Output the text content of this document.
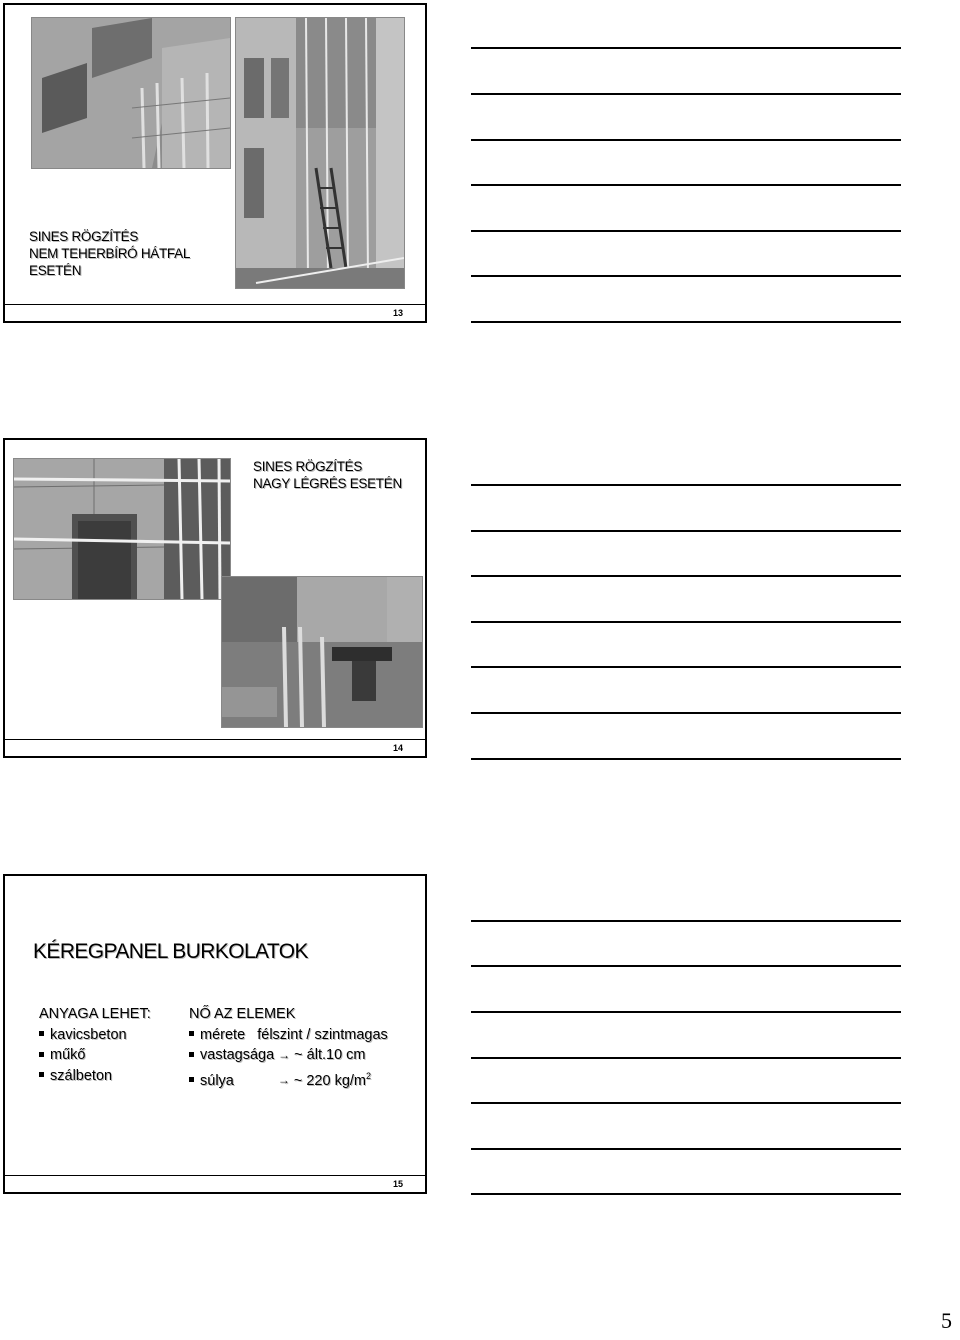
SINES RÖGZÍTÉS
NEM TEHERBÍRÓ HÁTFAL
ESETÉN
13
SINES RÖGZÍTÉS
NAGY LÉGRÉS ESETÉN
14
KÉREGPANEL BURKOLATOK
ANYAGA LEHET:
kavicsbeton
műkő
szálbeton
NŐ AZ ELEMEK
mérete félszint / szintmagas
vastagsága → ~ ált.10 cm
súlya	→ ~ 220 $kg/m^2$
15
5
